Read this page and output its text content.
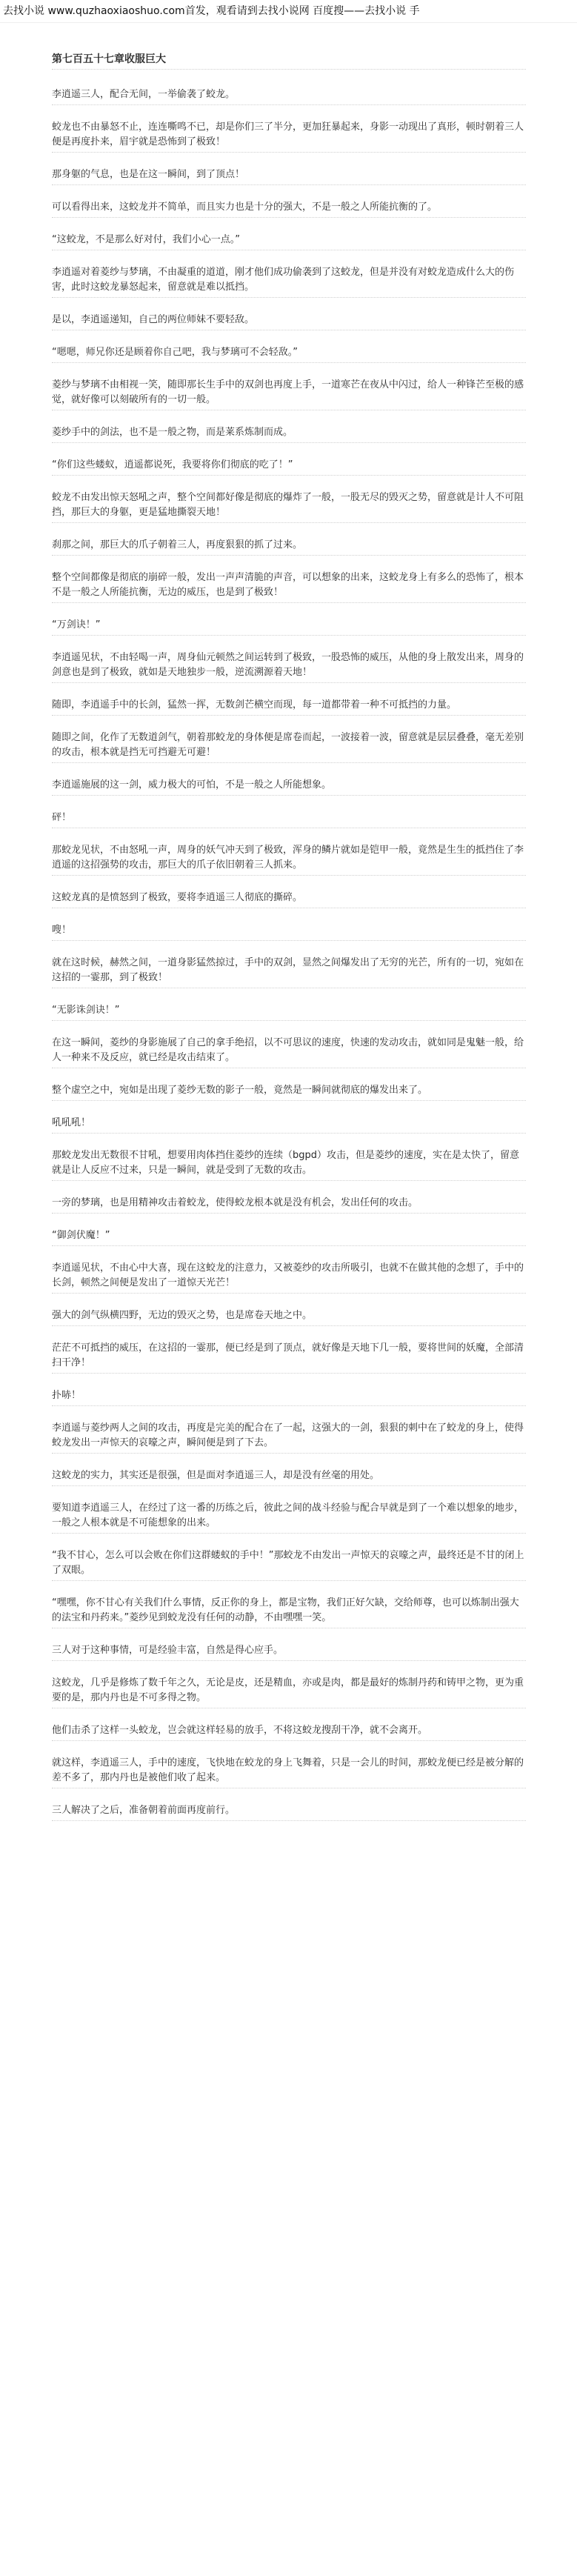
去找小说 www.quzhaoxiaoshuo.com首发，观看请到去找小说网 百度搜——去找小说 手
第七百五十七章收服巨大
李逍遥三人，配合无间，一举偷袭了蛟龙。
蛟龙也不由暴怒不止，连连嘶鸣不已，却是你们三了半分，更加狂暴起来，身影一动现出了真形，顿时朝着三人便是再度扑来，眉宇就是恐怖到了极致！
那身躯的气息，也是在这一瞬间，到了顶点！
可以看得出来，这蛟龙并不简单，而且实力也是十分的强大，不是一般之人所能抗衡的了。
“这蛟龙，不是那么好对付，我们小心一点。”
李逍遥对着菱纱与梦璃，不由凝重的道道，刚才他们成功偷袭到了这蛟龙，但是并没有对蛟龙造成什么大的伤害，此时这蛟龙暴怒起来，留意就是难以抵挡。
是以，李逍遥递知，自己的两位师妹不要轻敌。
“嗯嗯，师兄你还是顾着你自己吧，我与梦璃可不会轻敌。”
菱纱与梦璃不由相视一笑，随即那长生手中的双剑也再度上手，一道寒芒在夜从中闪过，给人一种锋芒至极的感觉，就好像可以刻破所有的一切一般。
菱纱手中的剑法，也不是一般之物，而是莱系炼制而成。
“你们这些蝼蚁，逍遥都说死，我要将你们彻底的吃了！”
蛟龙不由发出惊天怒吼之声，整个空间都好像是彻底的爆炸了一般，一股无尽的毁灭之势，留意就是计人不可阻挡，那巨大的身躯，更是猛地撕裂天地！
刹那之间，那巨大的爪子朝着三人，再度狠狠的抓了过来。
整个空间都像是彻底的崩碎一般，发出一声声清脆的声音，可以想象的出来，这蛟龙身上有多么的恐怖了，根本不是一般之人所能抗衡，无边的威压，也是到了极致！
“万剑诀！”
李逍遥见状，不由轻喝一声，周身仙元顿然之间运转到了极致，一股恐怖的威压，从他的身上散发出来，周身的剑意也是到了极致，就如是天地独步一般，逆流溯源着天地！
随即，李逍遥手中的长剑，猛然一挥，无数剑芒横空而现，每一道都带着一种不可抵挡的力量。
随即之间，化作了无数道剑气，朝着那蛟龙的身体便是席卷而起，一波接着一波，留意就是层层叠叠，毫无差别的攻击，根本就是挡无可挡避无可避！
李逍遥施展的这一剑，威力极大的可怕，不是一般之人所能想象。
砰！
那蛟龙见状，不由怒吼一声，周身的妖气冲天到了极致，浑身的鳞片就如是铠甲一般，竟然是生生的抵挡住了李逍遥的这招强势的攻击，那巨大的爪子依旧朝着三人抓来。
这蛟龙真的是愤怒到了极致，要将李逍遥三人彻底的撕碎。
嗖！
就在这时候，赫然之间，一道身影猛然掠过，手中的双剑，显然之间爆发出了无穷的光芒，所有的一切，宛如在这招的一霎那，到了极致！
“无影诛剑诀！”
在这一瞬间，菱纱的身影施展了自己的拿手绝招，以不可思议的速度，快速的发动攻击，就如同是鬼魅一般，给人一种来不及反应，就已经是攻击结束了。
整个虚空之中，宛如是出现了菱纱无数的影子一般，竟然是一瞬间就彻底的爆发出来了。
吼吼吼！
那蛟龙发出无数很不甘吼，想要用肉体挡住菱纱的连续（bgpd）攻击，但是菱纱的速度，实在是太快了，留意就是让人反应不过来，只是一瞬间，就是受到了无数的攻击。
一旁的梦璃，也是用精神攻击着蛟龙，使得蛟龙根本就是没有机会，发出任何的攻击。
“御剑伏魔！”
李逍遥见状，不由心中大喜，现在这蛟龙的注意力，又被菱纱的攻击所吸引，也就不在做其他的念想了，手中的长剑，顿然之间便是发出了一道惊天光芒！
强大的剑气纵横四野，无边的毁灭之势，也是席卷天地之中。
茫茫不可抵挡的威压，在这招的一霎那，便已经是到了顶点，就好像是天地下几一般，要将世间的妖魔，全部清扫干净！
扑哧！
李逍遥与菱纱两人之间的攻击，再度是完美的配合在了一起，这强大的一剑，狠狠的刺中在了蛟龙的身上，使得蛟龙发出一声惊天的哀嚎之声，瞬间便是到了下去。
这蛟龙的实力，其实还是很强，但是面对李逍遥三人，却是没有丝毫的用处。
要知道李逍遥三人，在经过了这一番的历练之后，彼此之间的战斗经验与配合早就是到了一个难以想象的地步，一般之人根本就是不可能想象的出来。
“我不甘心，怎么可以会败在你们这群蝼蚁的手中！”那蛟龙不由发出一声惊天的哀嚎之声，最终还是不甘的闭上了双眼。
“嘿嘿，你不甘心有关我们什么事情，反正你的身上，都是宝物，我们正好欠缺，交给师尊，也可以炼制出强大的法宝和丹药来。”菱纱见到蛟龙没有任何的动静，不由嘿嘿一笑。
三人对于这种事情，可是经验丰富，自然是得心应手。
这蛟龙，几乎是修炼了数千年之久，无论是皮，还是精血，亦或是肉，都是最好的炼制丹药和铸甲之物，更为重要的是，那内丹也是不可多得之物。
他们击杀了这样一头蛟龙，岂会就这样轻易的放手，不将这蛟龙搜刮干净，就不会离开。
就这样，李逍遥三人，手中的速度，飞快地在蛟龙的身上飞舞着，只是一会儿的时间，那蛟龙便已经是被分解的差不多了，那内丹也是被他们收了起来。
三人解决了之后，准备朝着前面再度前行。
